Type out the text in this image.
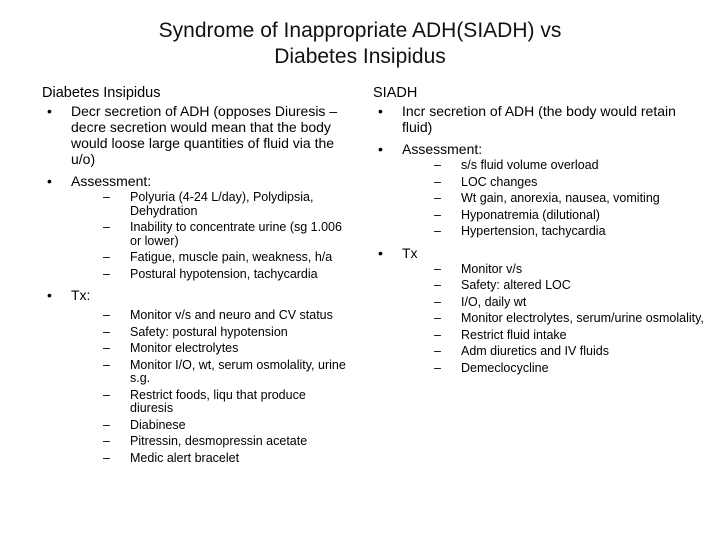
Syndrome of Inappropriate ADH(SIADH) vs
Diabetes Insipidus
Diabetes Insipidus
• Decr secretion of ADH (opposes Diuresis – decre secretion would mean that the body would loose large quantities of fluid via the u/o)
• Assessment:
– Polyuria (4-24 L/day), Polydipsia, Dehydration
– Inability to concentrate urine (sg 1.006 or lower)
– Fatigue, muscle pain, weakness, h/a
– Postural hypotension, tachycardia
• Tx:
– Monitor v/s and neuro and CV status
– Safety: postural hypotension
– Monitor electrolytes
– Monitor I/O, wt, serum osmolality, urine s.g.
– Restrict foods, liqu that produce diuresis
– Diabinese
– Pitressin, desmopressin acetate
– Medic alert bracelet
SIADH
• Incr secretion of ADH (the body would retain fluid)
• Assessment:
– s/s fluid volume overload
– LOC changes
– Wt gain, anorexia, nausea, vomiting
– Hyponatremia (dilutional)
– Hypertension, tachycardia
• Tx
– Monitor v/s
– Safety: altered LOC
– I/O, daily wt
– Monitor electrolytes, serum/urine osmolality,
– Restrict fluid intake
– Adm diuretics and IV fluids
– Demeclocycline
